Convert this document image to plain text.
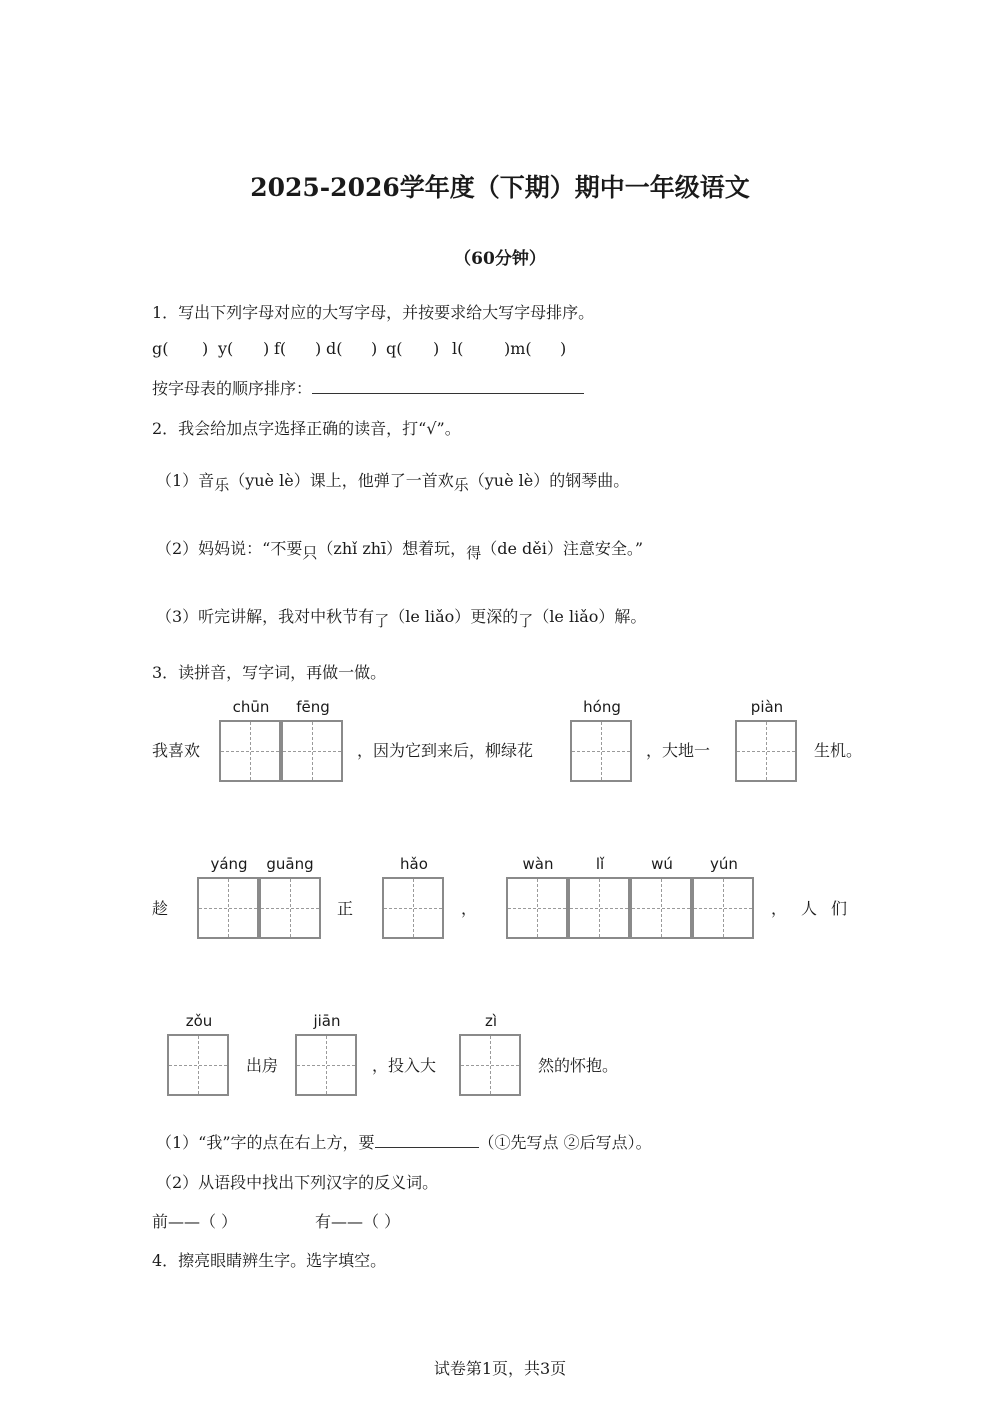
2025-2026学年度（下期）期中一年级语文
（60分钟）
1．写出下列字母对应的大写字母，并按要求给大写字母排序。
g( ) y( ) f( ) d( ) q( ) l(	)m( )
按字母表的顺序排序：
2．我会给加点字选择正确的读音，打“√”。
（1）音乐（yuè lè）课上，他弹了一首欢乐（yuè lè）的钢琴曲。
（2）妈妈说：“不要只（zhǐ zhī）想着玩，得（de děi）注意安全。”
（3）听完讲解，我对中秋节有了（le liǎo）更深的了（le liǎo）解。
3．读拼音，写字词，再做一做。
我喜欢
chūn	fēng
，因为它到来后，柳绿花
hóng
，大地一
piàn
生机。
趁
yáng	guāng
正
hǎo
，
wàn	lǐ	wú	yún
， 人 们
zǒu
出房
jiān
，投入大
zì
然的怀抱。
（1）“我”字的点在右上方，要	（①先写点 ②后写点）。
（2）从语段中找出下列汉字的反义词。
前——（ ）	有——（ ）
4．擦亮眼睛辨生字。选字填空。
试卷第1页，共3页
